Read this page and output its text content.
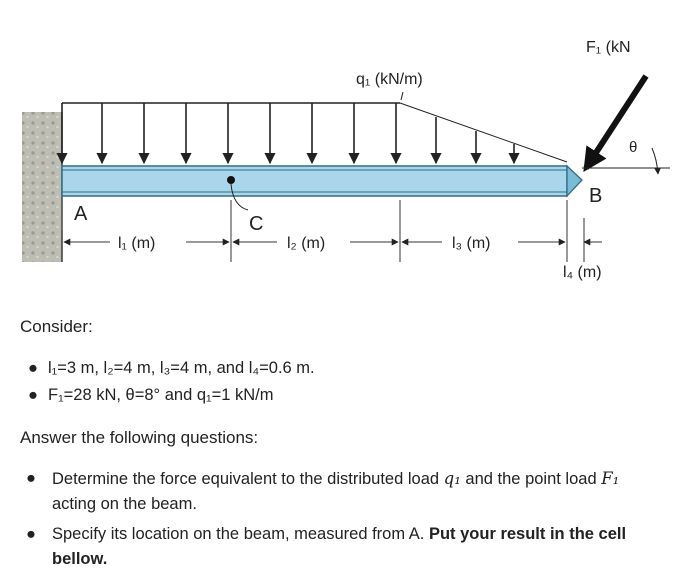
q₁ (kN/m)
F₁ (kN
θ
A
B
C
l₁ (m)	l₂ (m)	l₃ (m)
l₄ (m)
Consider:
● l₁=3 m, l₂=4 m, l₃=4 m, and l₄=0.6 m.
● F₁=28 kN, θ=8° and q₁=1 kN/m
Answer the following questions:
● Determine the force equivalent to the distributed load q₁ and the point load F₁
acting on the beam.
● Specify its location on the beam, measured from A. Put your result in the cell bellow.
